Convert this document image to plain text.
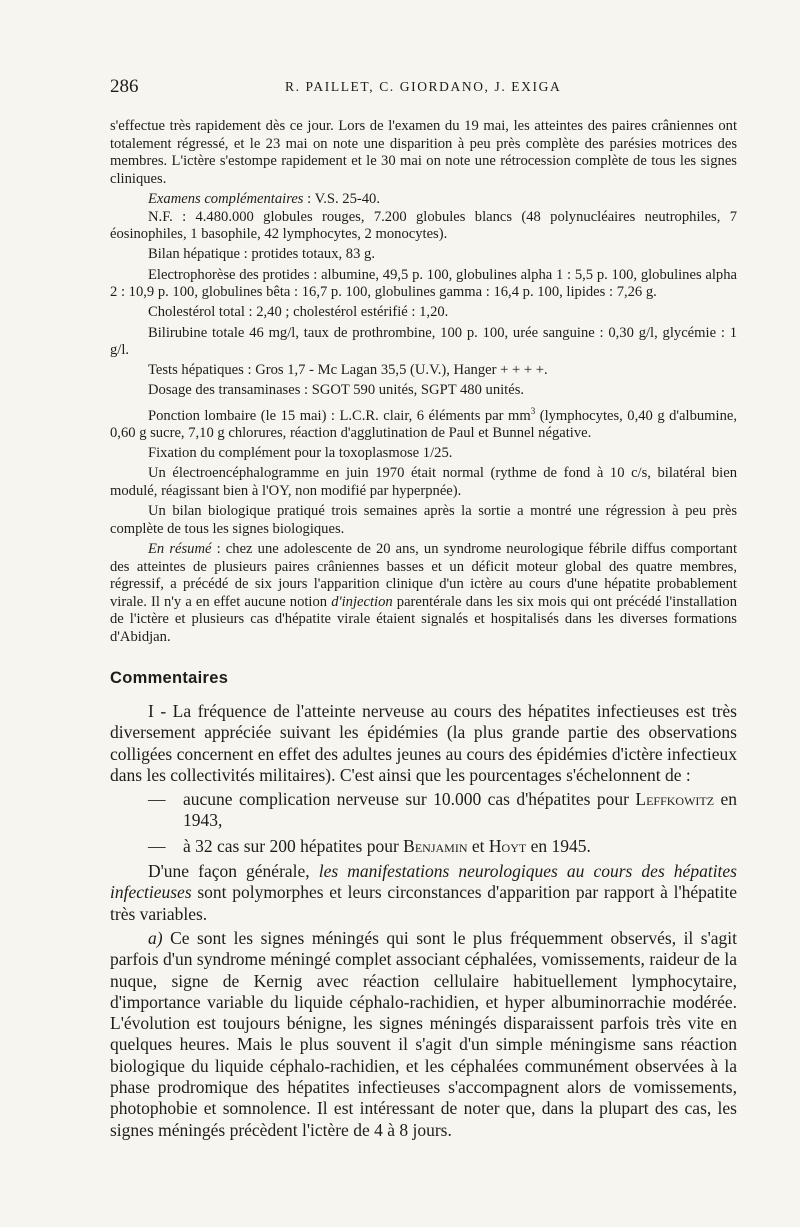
286	R. PAILLET, C. GIORDANO, J. EXIGA

s'effectue très rapidement dès ce jour. Lors de l'examen du 19 mai, les atteintes des paires crâniennes ont totalement régressé, et le 23 mai on note une disparition à peu près complète des parésies motrices des membres. L'ictère s'estompe rapidement et le 30 mai on note une rétrocession complète de tous les signes cliniques.

Examens complémentaires : V.S. 25-40.

N.F. : 4.480.000 globules rouges, 7.200 globules blancs (48 polynucléaires neutrophiles, 7 éosinophiles, 1 basophile, 42 lymphocytes, 2 monocytes).

Bilan hépatique : protides totaux, 83 g.

Electrophorèse des protides : albumine, 49,5 p. 100, globulines alpha 1 : 5,5 p. 100, globulines alpha 2 : 10,9 p. 100, globulines bêta : 16,7 p. 100, globulines gamma : 16,4 p. 100, lipides : 7,26 g.

Cholestérol total : 2,40 ; cholestérol estérifié : 1,20.

Bilirubine totale 46 mg/l, taux de prothrombine, 100 p. 100, urée sanguine : 0,30 g/l, glycémie : 1 g/l.

Tests hépatiques : Gros 1,7 - Mc Lagan 35,5 (U.V.), Hanger + + + +.

Dosage des transaminases : SGOT 590 unités, SGPT 480 unités.

Ponction lombaire (le 15 mai) : L.C.R. clair, 6 éléments par $mm^3$ (lymphocytes, 0,40 g d'albumine, 0,60 g sucre, 7,10 g chlorures, réaction d'agglutination de Paul et Bunnel négative.

Fixation du complément pour la toxoplasmose 1/25.

Un électroencéphalogramme en juin 1970 était normal (rythme de fond à 10 c/s, bilatéral bien modulé, réagissant bien à l'OY, non modifié par hyperpnée).

Un bilan biologique pratiqué trois semaines après la sortie a montré une régression à peu près complète de tous les signes biologiques.

En résumé : chez une adolescente de 20 ans, un syndrome neurologique fébrile diffus comportant des atteintes de plusieurs paires crâniennes basses et un déficit moteur global des quatre membres, régressif, a précédé de six jours l'apparition clinique d'un ictère au cours d'une hépatite probablement virale. Il n'y a en effet aucune notion d'injection parentérale dans les six mois qui ont précédé l'installation de l'ictère et plusieurs cas d'hépatite virale étaient signalés et hospitalisés dans les diverses formations d'Abidjan.

Commentaires

I - La fréquence de l'atteinte nerveuse au cours des hépatites infectieuses est très diversement appréciée suivant les épidémies (la plus grande partie des observations colligées concernent en effet des adultes jeunes au cours des épidémies d'ictère infectieux dans les collectivités militaires). C'est ainsi que les pourcentages s'échelonnent de :

— aucune complication nerveuse sur 10.000 cas d'hépatites pour Leffkowitz en 1943,

— à 32 cas sur 200 hépatites pour Benjamin et Hoyt en 1945.

D'une façon générale, les manifestations neurologiques au cours des hépatites infectieuses sont polymorphes et leurs circonstances d'apparition par rapport à l'hépatite très variables.

a) Ce sont les signes méningés qui sont le plus fréquemment observés, il s'agit parfois d'un syndrome méningé complet associant céphalées, vomissements, raideur de la nuque, signe de Kernig avec réaction cellulaire habituellement lymphocytaire, d'importance variable du liquide céphalo-rachidien, et hyper albuminorrachie modérée. L'évolution est toujours bénigne, les signes méningés disparaissent parfois très vite en quelques heures. Mais le plus souvent il s'agit d'un simple méningisme sans réaction biologique du liquide céphalo-rachidien, et les céphalées communément observées à la phase prodromique des hépatites infectieuses s'accompagnent alors de vomissements, photophobie et somnolence. Il est intéressant de noter que, dans la plupart des cas, les signes méningés précèdent l'ictère de 4 à 8 jours.
